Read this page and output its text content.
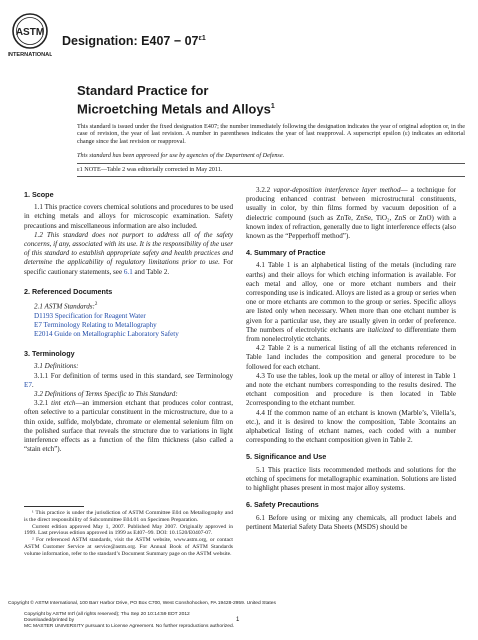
ASTM
INTERNATIONAL
Designation: $E407 - 07^{\varepsilon 1}$
Standard Practice for
Microetching Metals and Alloys$^1$
This standard is issued under the fixed designation E407; the number immediately following the designation indicates the year of original adoption or, in the case of revision, the year of last revision. A number in parentheses indicates the year of last reapproval. A superscript epsilon (ε) indicates an editorial change since the last revision or reapproval.
This standard has been approved for use by agencies of the Department of Defense.
ε1 NOTE—Table 2 was editorially corrected in May 2011.

1. Scope

1.1 This practice covers chemical solutions and procedures to be used in etching metals and alloys for microscopic examination. Safety precautions and miscellaneous information are also included.

1.2 This standard does not purport to address all of the safety concerns, if any, associated with its use. It is the responsibility of the user of this standard to establish appropriate safety and health practices and determine the applicability of regulatory limitations prior to use. For specific cautionary statements, see 6.1 and Table 2.

2. Referenced Documents

2.1 ASTM Standards:$^2$

D1193 Specification for Reagent Water

E7 Terminology Relating to Metallography

E2014 Guide on Metallographic Laboratory Safety

3. Terminology

3.1 Definitions:

3.1.1 For definition of terms used in this standard, see Terminology E7.

3.2 Definitions of Terms Specific to This Standard:

3.2.1 tint etch—an immersion etchant that produces color contrast, often selective to a particular constituent in the microstructure, due to a thin oxide, sulfide, molybdate, chromate or elemental selenium film on the polished surface that reveals the structure due to variations in light interference effects as a function of the film thickness (also called a “stain etch”).

¹ This practice is under the jurisdiction of ASTM Committee E04 on Metallography and is the direct responsibility of Subcommittee E04.01 on Specimen Preparation.

Current edition approved May 1, 2007. Published May 2007. Originally approved in 1999. Last previous edition approved in 1999 as E407–99. DOI: 10.1520/E0407-07.

² For referenced ASTM standards, visit the ASTM website, www.astm.org, or contact ASTM Customer Service at service@astm.org. For Annual Book of ASTM Standards volume information, refer to the standard’s Document Summary page on the ASTM website.

3.2.2 vapor-deposition interference layer method— a technique for producing enhanced contrast between microstructural constituents, usually in color, by thin films formed by vacuum deposition of a dielectric compound (such as ZnTe, ZnSe, TiO₂, ZnS or ZnO) with a known index of refraction, generally due to light interference effects (also known as the “Pepperhoff method”).

4. Summary of Practice

4.1 Table 1 is an alphabetical listing of the metals (including rare earths) and their alloys for which etching information is available. For each metal and alloy, one or more etchant numbers and their corresponding use is indicated. Alloys are listed as a group or series when one or more etchants are common to the group or series. Specific alloys are listed only when necessary. When more than one etchant number is given for a particular use, they are usually given in order of preference. The numbers of electrolytic etchants are italicized to differentiate them from nonelectrolytic etchants.

4.2 Table 2 is a numerical listing of all the etchants referenced in Table 1and includes the composition and general procedure to be followed for each etchant.

4.3 To use the tables, look up the metal or alloy of interest in Table 1 and note the etchant numbers corresponding to the results desired. The etchant composition and procedure is then located in Table 2corresponding to the etchant number.

4.4 If the common name of an etchant is known (Marble’s, Vilella’s, etc.), and it is desired to know the composition, Table 3contains an alphabetical listing of etchant names, each coded with a number corresponding to the etchant composition given in Table 2.

5. Significance and Use

5.1 This practice lists recommended methods and solutions for the etching of specimens for metallographic examination. Solutions are listed to highlight phases present in most major alloy systems.

6. Safety Precautions

6.1 Before using or mixing any chemicals, all product labels and pertinent Material Safety Data Sheets (MSDS) should be

Copyright © ASTM International, 100 Barr Harbor Drive, PO Box C700, West Conshohocken, PA 19428-2959. United States
Copyright by ASTM Int'l (all rights reserved); Thu Sep 20 10:14:59 EDT 2012
Downloaded/printed by
MC MASTER UNIVERSITY pursuant to License Agreement. No further reproductions authorized.
1
